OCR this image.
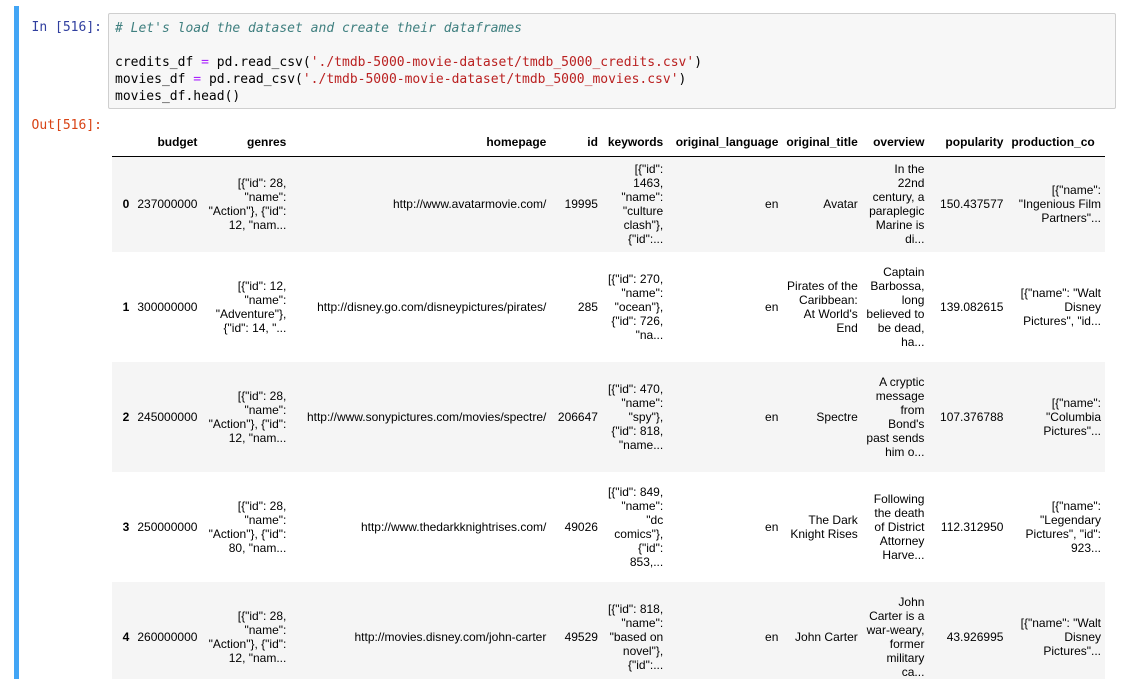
In [516]: # Let's load the dataset and create their dataframes

credits_df = pd.read_csv('./tmdb-5000-movie-dataset/tmdb_5000_credits.csv')
movies_df = pd.read_csv('./tmdb-5000-movie-dataset/tmdb_5000_movies.csv')
movies_df.head()
Out[516]:
	budget	genres	homepage	id	keywords	original_language	original_title	overview	popularity	production_co
0	237000000	[{"id": 28, "name": "Action"}, {"id": 12, "nam...	http://www.avatarmovie.com/	19995	[{"id": 1463, "name": "culture clash"}, {"id":...	en	Avatar	In the 22nd century, a paraplegic Marine is di...	150.437577	[{"name": "Ingenious Film Partners"...
1	300000000	[{"id": 12, "name": "Adventure"}, {"id": 14, "...	http://disney.go.com/disneypictures/pirates/	285	[{"id": 270, "name": "ocean"}, {"id": 726, "na...	en	Pirates of the Caribbean: At World's End	Captain Barbossa, long believed to be dead, ha...	139.082615	[{"name": "Walt Disney Pictures", "id...
2	245000000	[{"id": 28, "name": "Action"}, {"id": 12, "nam...	http://www.sonypictures.com/movies/spectre/	206647	[{"id": 470, "name": "spy"}, {"id": 818, "name...	en	Spectre	A cryptic message from Bond's past sends him o...	107.376788	[{"name": "Columbia Pictures"...
3	250000000	[{"id": 28, "name": "Action"}, {"id": 80, "nam...	http://www.thedarkknightrises.com/	49026	[{"id": 849, "name": "dc comics"}, {"id": 853,...	en	The Dark Knight Rises	Following the death of District Attorney Harve...	112.312950	[{"name": "Legendary Pictures", "id": 923...
4	260000000	[{"id": 28, "name": "Action"}, {"id": 12, "nam...	http://movies.disney.com/john-carter	49529	[{"id": 818, "name": "based on novel"}, {"id":...	en	John Carter	John Carter is a war-weary, former military ca...	43.926995	[{"name": "Walt Disney Pictures"...
